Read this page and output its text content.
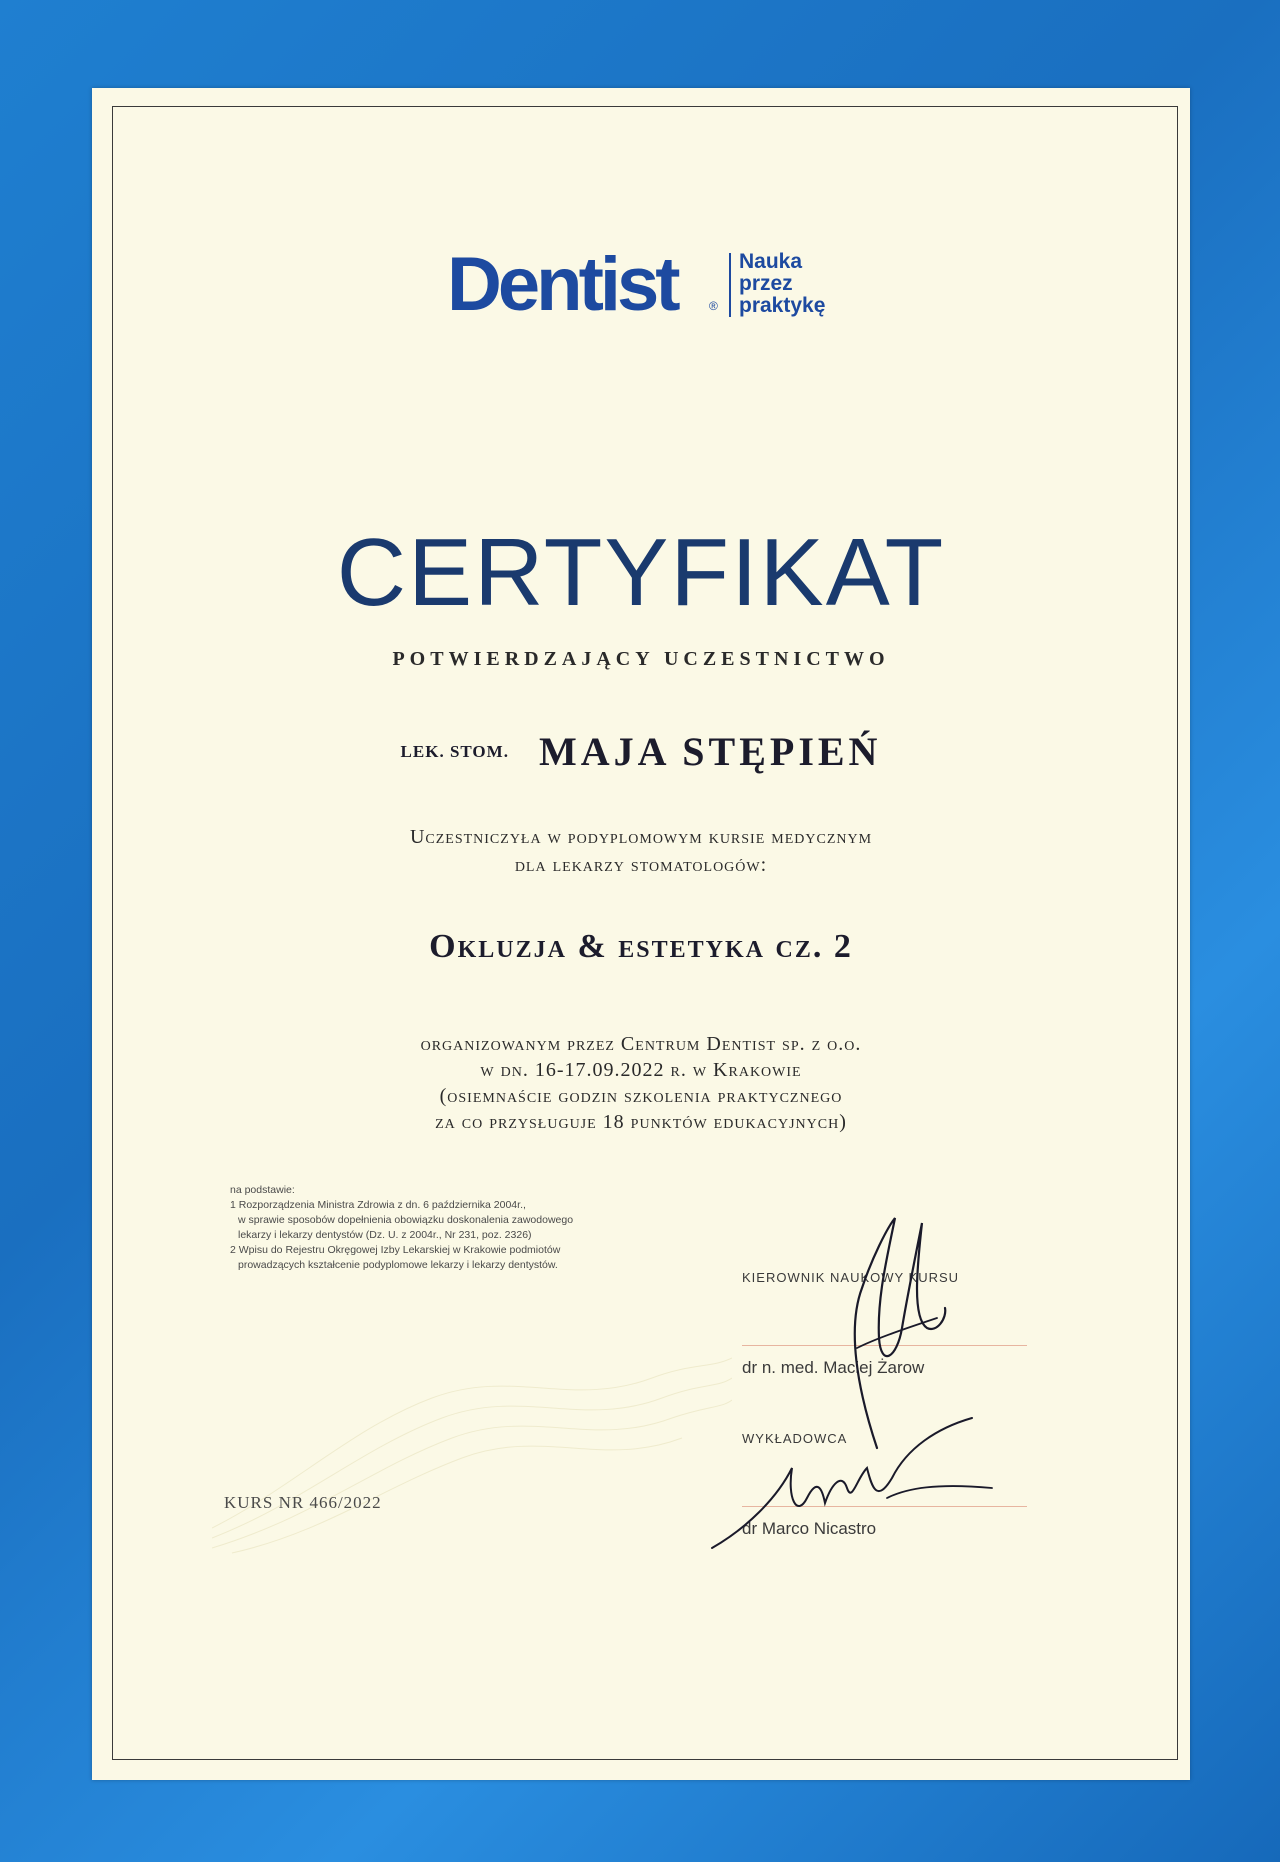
Dentist	®
Nauka
przez
praktykę
CERTYFIKAT
POTWIERDZAJĄCY UCZESTNICTWO
LEK. STOM. MAJA STĘPIEŃ
Uczestniczyła w podyplomowym kursie medycznym
dla lekarzy stomatologów:
Okluzja & estetyka cz. 2
organizowanym przez Centrum Dentist sp. z o.o.
w dn. 16-17.09.2022 r. w Krakowie
(osiemnaście godzin szkolenia praktycznego
za co przysługuje 18 punktów edukacyjnych)
na podstawie:
1 Rozporządzenia Ministra Zdrowia z dn. 6 października 2004r.,
w sprawie sposobów dopełnienia obowiązku doskonalenia zawodowego
lekarzy i lekarzy dentystów (Dz. U. z 2004r., Nr 231, poz. 2326)
2 Wpisu do Rejestru Okręgowej Izby Lekarskiej w Krakowie podmiotów
prowadzących kształcenie podyplomowe lekarzy i lekarzy dentystów.
KURS NR 466/2022
KIEROWNIK NAUKOWY KURSU
dr n. med. Maciej Żarow
WYKŁADOWCA
dr Marco Nicastro
